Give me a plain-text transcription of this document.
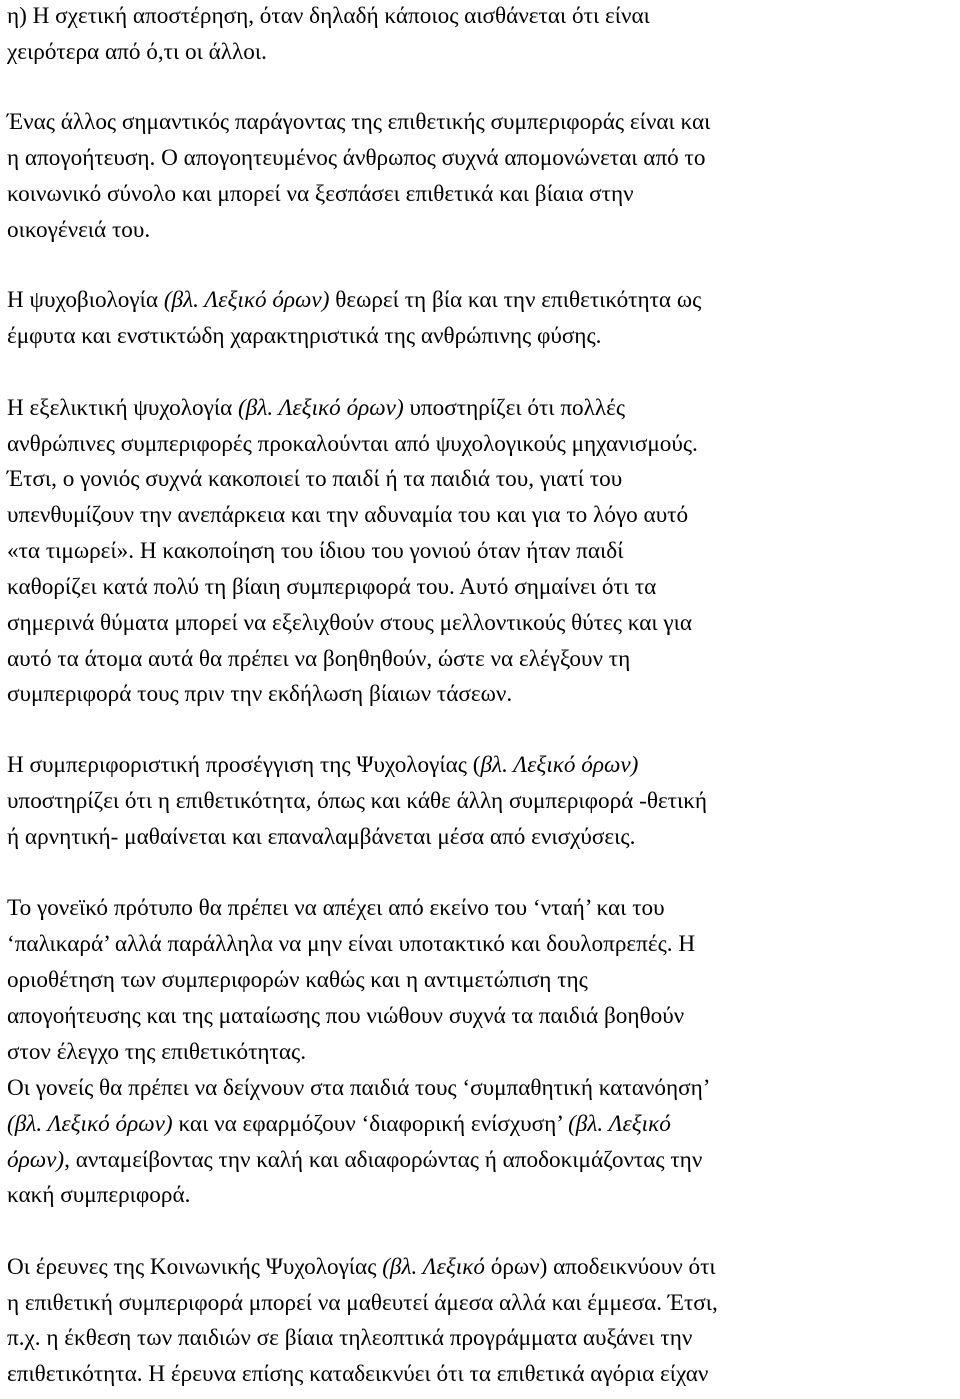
η) Η σχετική αποστέρηση, όταν δηλαδή κάποιος αισθάνεται ότι είναι
χειρότερα από ό,τι οι άλλοι.
Ένας άλλος σημαντικός παράγοντας της επιθετικής συμπεριφοράς είναι και
η απογοήτευση. Ο απογοητευμένος άνθρωπος συχνά απομονώνεται από το
κοινωνικό σύνολο και μπορεί να ξεσπάσει επιθετικά και βίαια στην
οικογένειά του.
Η ψυχοβιολογία (βλ. Λεξικό όρων) θεωρεί τη βία και την επιθετικότητα ως
έμφυτα και ενστικτώδη χαρακτηριστικά της ανθρώπινης φύσης.
Η εξελικτική ψυχολογία (βλ. Λεξικό όρων) υποστηρίζει ότι πολλές
ανθρώπινες συμπεριφορές προκαλούνται από ψυχολογικούς μηχανισμούς.
Έτσι, ο γονιός συχνά κακοποιεί το παιδί ή τα παιδιά του, γιατί του
υπενθυμίζουν την ανεπάρκεια και την αδυναμία του και για το λόγο αυτό
«τα τιμωρεί». Η κακοποίηση του ίδιου του γονιού όταν ήταν παιδί
καθορίζει κατά πολύ τη βίαιη συμπεριφορά του. Αυτό σημαίνει ότι τα
σημερινά θύματα μπορεί να εξελιχθούν στους μελλοντικούς θύτες και για
αυτό τα άτομα αυτά θα πρέπει να βοηθηθούν, ώστε να ελέγξουν τη
συμπεριφορά τους πριν την εκδήλωση βίαιων τάσεων.
Η συμπεριφοριστική προσέγγιση της Ψυχολογίας (βλ. Λεξικό όρων)
υποστηρίζει ότι η επιθετικότητα, όπως και κάθε άλλη συμπεριφορά -θετική
ή αρνητική- μαθαίνεται και επαναλαμβάνεται μέσα από ενισχύσεις.
Το γονεϊκό πρότυπο θα πρέπει να απέχει από εκείνο του ‘νταή’ και του
‘παλικαρά’ αλλά παράλληλα να μην είναι υποτακτικό και δουλοπρεπές. Η
οριοθέτηση των συμπεριφορών καθώς και η αντιμετώπιση της
απογοήτευσης και της ματαίωσης που νιώθουν συχνά τα παιδιά βοηθούν
στον έλεγχο της επιθετικότητας.
Οι γονείς θα πρέπει να δείχνουν στα παιδιά τους ‘συμπαθητική κατανόηση’
(βλ. Λεξικό όρων) και να εφαρμόζουν ‘διαφορική ενίσχυση’ (βλ. Λεξικό
όρων), ανταμείβοντας την καλή και αδιαφορώντας ή αποδοκιμάζοντας την
κακή συμπεριφορά.
Οι έρευνες της Κοινωνικής Ψυχολογίας (βλ. Λεξικό όρων) αποδεικνύουν ότι
η επιθετική συμπεριφορά μπορεί να μαθευτεί άμεσα αλλά και έμμεσα. Έτσι,
π.χ. η έκθεση των παιδιών σε βίαια τηλεοπτικά προγράμματα αυξάνει την
επιθετικότητα. Η έρευνα επίσης καταδεικνύει ότι τα επιθετικά αγόρια είχαν
